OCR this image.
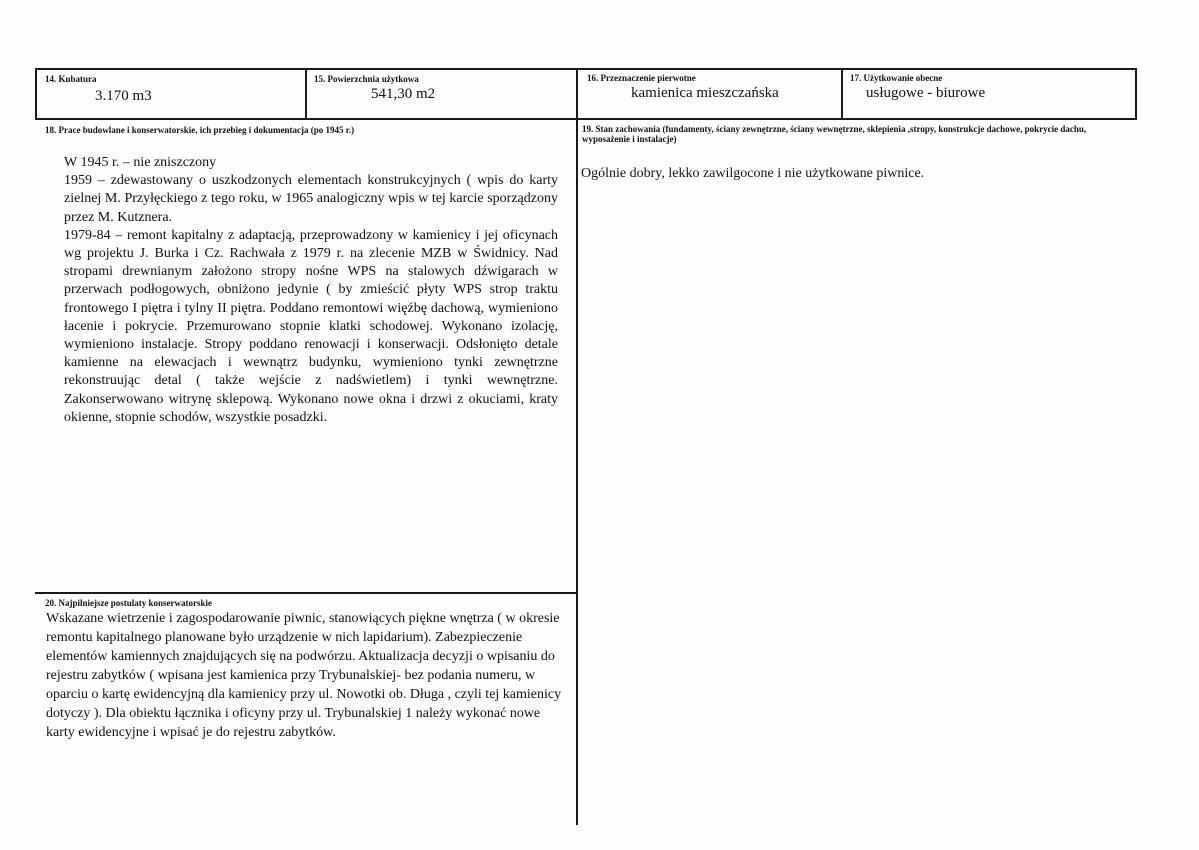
14. Kubatura
3.170 m3
15. Powierzchnia użytkowa
541,30 m2
16. Przeznaczenie pierwotne
kamienica mieszczańska
17. Użytkowanie obecne
usługowe - biurowe
18. Prace budowlane i konserwatorskie, ich przebieg i dokumentacja (po 1945 r.)

W 1945 r. – nie zniszczony

1959 – zdewastowany o uszkodzonych elementach konstrukcyjnych ( wpis do karty zielnej M. Przyłęckiego z tego roku, w 1965 analogiczny wpis w tej karcie sporządzony przez M. Kutznera.

1979-84 – remont kapitalny z adaptacją, przeprowadzony w kamienicy i jej oficynach wg projektu J. Burka i Cz. Rachwała z 1979 r. na zlecenie MZB w Świdnicy. Nad stropami drewnianym założono stropy nośne WPS na stalowych dźwigarach w przerwach podłogowych, obniżono jedynie ( by zmieścić płyty WPS strop traktu frontowego I piętra i tylny II piętra. Poddano remontowi więźbę dachową, wymieniono łacenie i pokrycie. Przemurowano stopnie klatki schodowej. Wykonano izolację, wymieniono instalacje. Stropy poddano renowacji i konserwacji. Odsłonięto detale kamienne na elewacjach i wewnątrz budynku, wymieniono tynki zewnętrzne rekonstruując detal ( także wejście z nadświetlem) i tynki wewnętrzne. Zakonserwowano witrynę sklepową. Wykonano nowe okna i drzwi z okuciami, kraty okienne, stopnie schodów, wszystkie posadzki.

19. Stan zachowania (fundamenty, ściany zewnętrzne, ściany wewnętrzne, sklepienia ,stropy, konstrukcje dachowe, pokrycie dachu, wyposażenie i instalacje)
Ogólnie dobry, lekko zawilgocone i nie użytkowane piwnice.
20. Najpilniejsze postulaty konserwatorskie
Wskazane wietrzenie i zagospodarowanie piwnic, stanowiących piękne wnętrza ( w okresie remontu kapitalnego planowane było urządzenie w nich lapidarium). Zabezpieczenie elementów kamiennych znajdujących się na podwórzu. Aktualizacja decyzji o wpisaniu do rejestru zabytków ( wpisana jest kamienica przy Trybunalskiej- bez podania numeru, w oparciu o kartę ewidencyjną dla kamienicy przy ul. Nowotki ob. Długa , czyli tej kamienicy dotyczy ). Dla obiektu łącznika i oficyny przy ul. Trybunalskiej 1 należy wykonać nowe karty ewidencyjne i wpisać je do rejestru zabytków.
